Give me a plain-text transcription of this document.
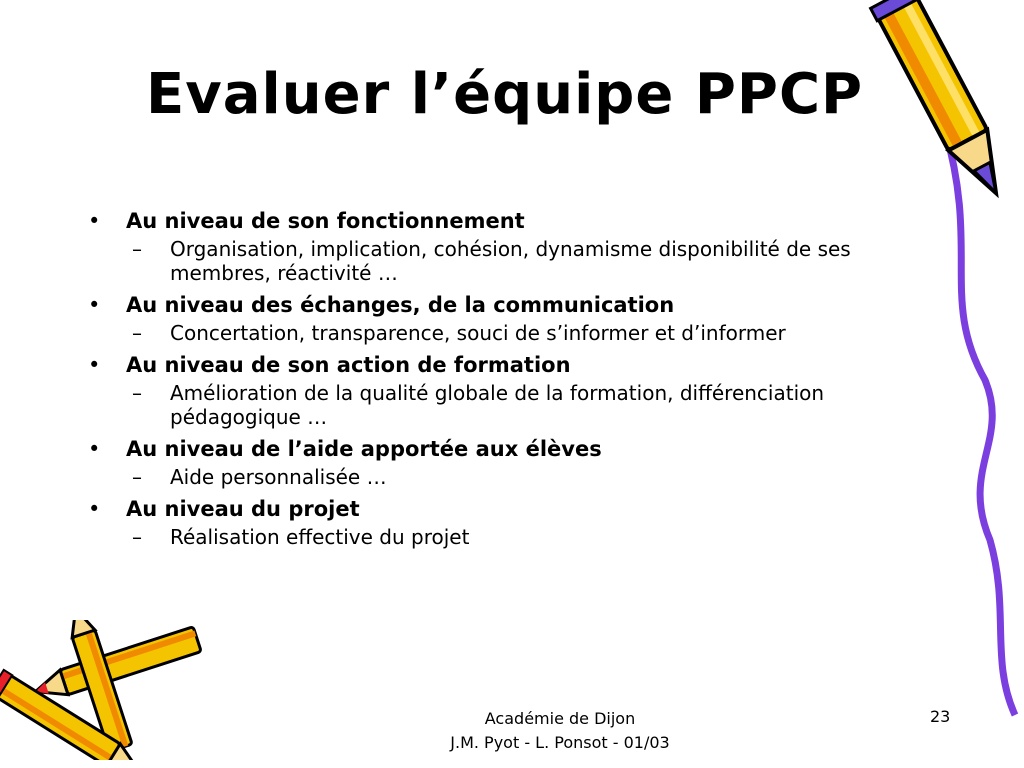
Evaluer l’équipe PPCP
•	Au niveau de son fonctionnement
–	Organisation, implication, cohésion, dynamisme disponibilité de ses membres, réactivité …
•	Au niveau des échanges, de la communication
–	Concertation, transparence, souci de s’informer et d’informer
•	Au niveau de son action de formation
–	Amélioration de la qualité globale de la formation, différenciation pédagogique …
•	Au niveau de l’aide apportée aux élèves
–	Aide personnalisée …
•	Au niveau du projet
–	Réalisation effective du projet
Académie de Dijon
J.M. Pyot - L. Ponsot - 01/03
23
